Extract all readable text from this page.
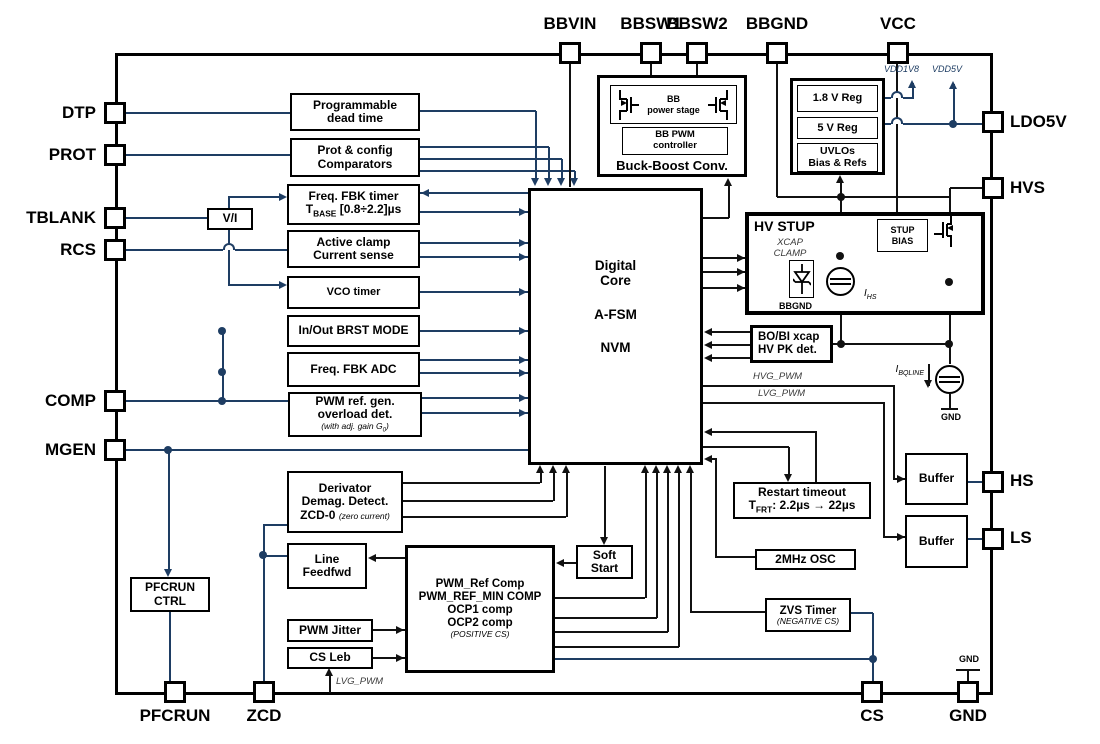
BBVIN BBSW1
BBSW2 BBGND	VCC
DTP
PROT
TBLANK
RCS
COMP
MGEN
LDO5V
HVS
HS
LS
PFCRUN ZCD	CS	GND
Programmable
dead time
Prot & config
Comparators
Freq. FBK timer
$T_{BASE}$ [0.8÷2.2]µs
V/I
Active clamp
Current sense
VCO timer
In/Out BRST MODE
Freq. FBK ADC
PWM ref. gen.
overload det.
(with adj. gain $G_0$)
Derivator
Demag. Detect.
ZCD-0 (zero current)
Line
Feedfwd
PFCRUN
CTRL
PWM Jitter
CS Leb
PWM_Ref Comp
PWM_REF_MIN COMP
OCP1 comp
OCP2 comp
(POSITIVE CS)
Soft
Start
Digital
Core
A-FSM
NVM
BB
power stage
BB PWM
controller
Buck-Boost Conv.
1.8 V Reg
5 V Reg
UVLOs
Bias & Refs
HV STUP
XCAP
CLAMP
BBGND
$I_{HS}$
STUP
BIAS
BO/BI xcap
HV PK det.
Restart timeout
$T_{FRT}$: 2.2µs → 22µs
2MHz OSC
Buffer
Buffer
ZVS Timer
(NEGATIVE CS)
$I_{BQLINE}$
GND
GND
VDD1V8 VDD5V
HVG_PWM
LVG_PWM
LVG_PWM
